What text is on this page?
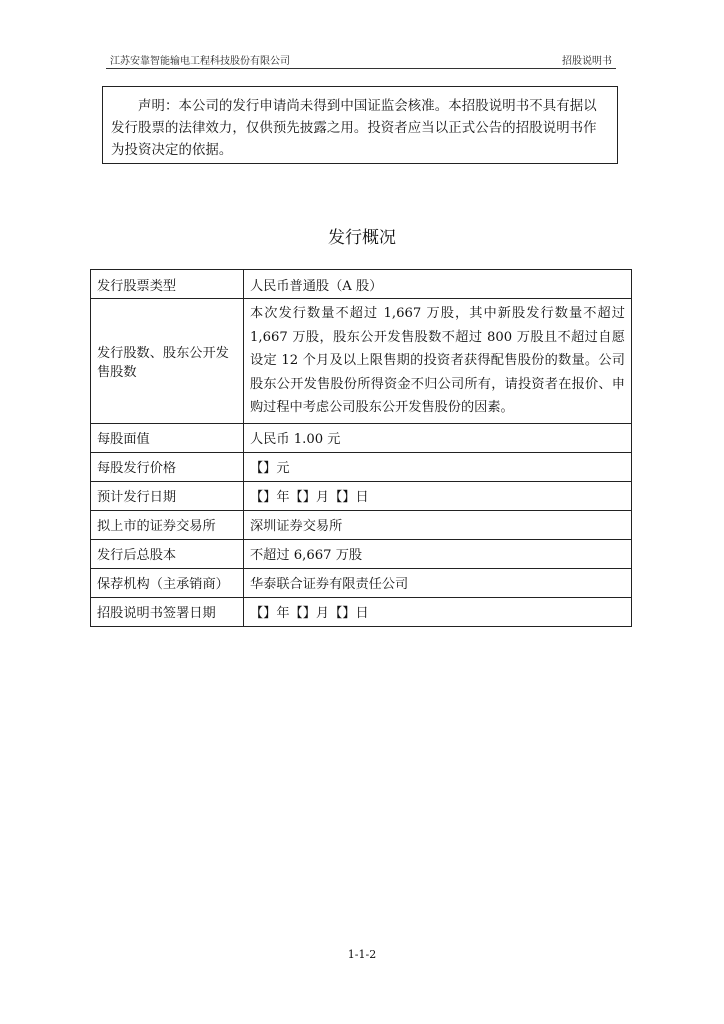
江苏安靠智能输电工程科技股份有限公司	招股说明书
声明：本公司的发行申请尚未得到中国证监会核准。本招股说明书不具有据以发行股票的法律效力，仅供预先披露之用。投资者应当以正式公告的招股说明书作为投资决定的依据。
发行概况
发行股票类型	人民币普通股（A 股）
发行股数、股东公开发售股数	本次发行数量不超过 1,667 万股，其中新股发行数量不超过 1,667 万股，股东公开发售股数不超过 800 万股且不超过自愿设定 12 个月及以上限售期的投资者获得配售股份的数量。公司股东公开发售股份所得资金不归公司所有，请投资者在报价、申购过程中考虑公司股东公开发售股份的因素。
每股面值	人民币 1.00 元
每股发行价格	【】元
预计发行日期	【】年【】月【】日
拟上市的证券交易所	深圳证券交易所
发行后总股本	不超过 6,667 万股
保荐机构（主承销商）	华泰联合证券有限责任公司
招股说明书签署日期	【】年【】月【】日
1-1-2
